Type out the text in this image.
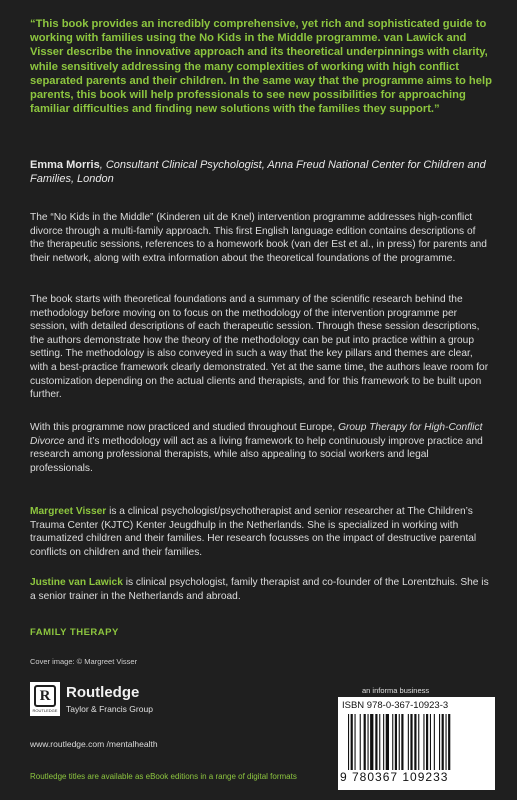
“This book provides an incredibly comprehensive, yet rich and sophisticated guide to working with families using the No Kids in the Middle programme. van Lawick and Visser describe the innovative approach and its theoretical underpinnings with clarity, while sensitively addressing the many complexities of working with high conflict separated parents and their children. In the same way that the programme aims to help parents, this book will help professionals to see new possibilities for approaching familiar difficulties and finding new solutions with the families they support.”

Emma Morris, Consultant Clinical Psychologist, Anna Freud National Center for Children and Families, London

The “No Kids in the Middle” (Kinderen uit de Knel) intervention programme addresses high-conflict divorce through a multi-family approach. This first English language edition contains descriptions of the therapeutic sessions, references to a homework book (van der Est et al., in press) for parents and their network, along with extra information about the theoretical foundations of the programme.

The book starts with theoretical foundations and a summary of the scientific research behind the methodology before moving on to focus on the methodology of the intervention programme per session, with detailed descriptions of each therapeutic session. Through these session descriptions, the authors demonstrate how the theory of the methodology can be put into practice within a group setting. The methodology is also conveyed in such a way that the key pillars and themes are clear, with a best-practice framework clearly demonstrated. Yet at the same time, the authors leave room for customization depending on the actual clients and therapists, and for this framework to be built upon further.

With this programme now practiced and studied throughout Europe, Group Therapy for High-Conflict Divorce and it’s methodology will act as a living framework to help continuously improve practice and research among professional therapists, while also appealing to social workers and legal professionals.

Margreet Visser is a clinical psychologist/psychotherapist and senior researcher at The Children’s Trauma Center (KJTC) Kenter Jeugdhulp in the Netherlands. She is specialized in working with traumatized children and their families. Her research focusses on the impact of destructive parental conflicts on children and their families.

Justine van Lawick is clinical psychologist, family therapist and co-founder of the Lorentzhuis. She is a senior trainer in the Netherlands and abroad.

FAMILY THERAPY
Cover image: © Margreet Visser
R
ROUTLEDGE
Routledge
Taylor & Francis Group
www.routledge.com /mentalhealth
an informa business
ISBN 978-0-367-10923-3
9 780367 109233
Routledge titles are available as eBook editions in a range of digital formats
